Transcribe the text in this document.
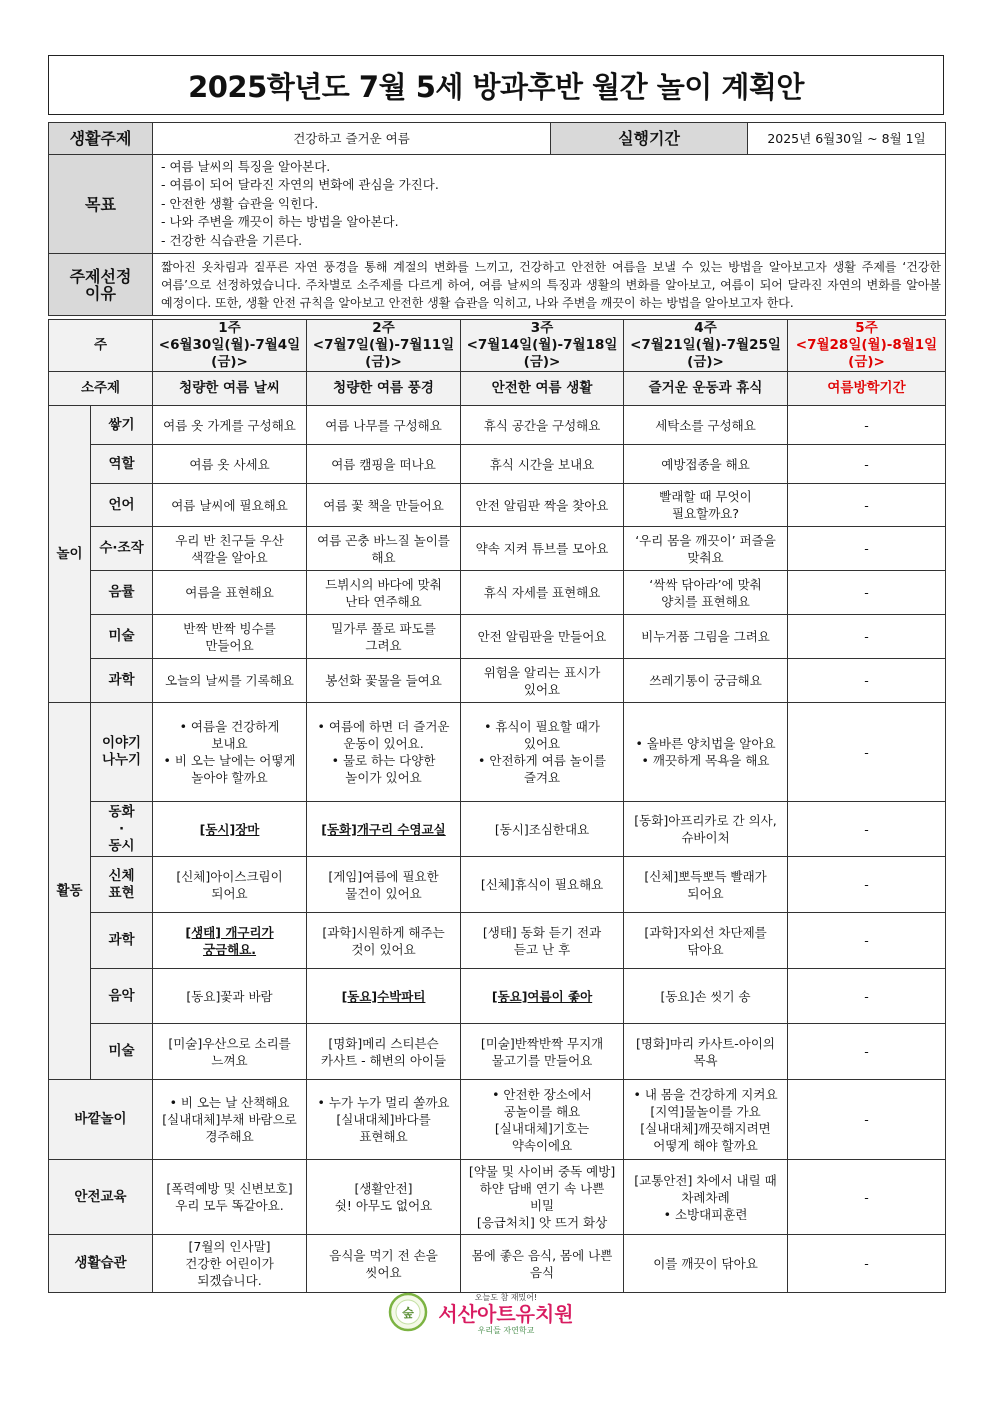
2025학년도 7월 5세 방과후반 월간 놀이 계획안
생활주제	건강하고 즐거운 여름	실행기간	2025년 6월30일 ~ 8월 1일
목표	- 여름 날씨의 특징을 알아본다.
- 여름이 되어 달라진 자연의 변화에 관심을 가진다.
- 안전한 생활 습관을 익힌다.
- 나와 주변을 깨끗이 하는 방법을 알아본다.
- 건강한 식습관을 기른다.		

주제선정
이유	짧아진 옷차림과 짙푸른 자연 풍경을 통해 계절의 변화를 느끼고, 건강하고 안전한 여름을 보낼 수 있는 방법을 알아보고자 생활 주제를 ‘건강한 여름’으로 선정하였습니다. 주차별로 소주제를 다르게 하여, 여름 날씨의 특징과 생활의 변화를 알아보고, 여름이 되어 달라진 자연의 변화를 알아볼 예정이다. 또한, 생활 안전 규칙을 알아보고 안전한 생활 습관을 익히고, 나와 주변을 깨끗이 하는 방법을 알아보고자 한다.		
주		1주
<6월30일(월)-7월4일(금)>	2주
<7월7일(월)-7월11일(금)>	3주
<7월14일(월)-7월18일(금)>	4주
<7월21일(월)-7월25일(금)>	5주
<7월28일(월)-8월1일(금)>

소주제		청량한 여름 날씨	청량한 여름 풍경	안전한 여름 생활	즐거운 운동과 휴식	여름방학기간
놀이	쌓기	여름 옷 가게를 구성해요	여름 나무를 구성해요	휴식 공간을 구성해요	세탁소를 구성해요	-

	역할	여름 옷 사세요	여름 캠핑을 떠나요	휴식 시간을 보내요	예방접종을 해요	-

	언어	여름 날씨에 필요해요	여름 꽃 책을 만들어요	안전 알림판 짝을 찾아요	빨래할 때 무엇이
필요할까요?	-

	수·조작	우리 반 친구들 우산
색깔을 알아요	여름 곤충 바느질 놀이를
해요	약속 지켜 튜브를 모아요	‘우리 몸을 깨끗이’ 퍼즐을
맞춰요	-

	음률	여름을 표현해요	드뷔시의 바다에 맞춰
난타 연주해요	휴식 자세를 표현해요	‘싹싹 닦아라’에 맞춰
양치를 표현해요	-

	미술	반짝 반짝 빙수를
만들어요	밀가루 풀로 파도를
그려요	안전 알림판을 만들어요	비누거품 그림을 그려요	-

	과학	오늘의 날씨를 기록해요	봉선화 꽃물을 들여요	위험을 알리는 표시가
있어요	쓰레기통이 궁금해요	-

활동	이야기
나누기	• 여름을 건강하게
보내요
• 비 오는 날에는 어떻게
놀아야 할까요	• 여름에 하면 더 즐거운
운동이 있어요.
• 물로 하는 다양한
놀이가 있어요	• 휴식이 필요할 때가
있어요
• 안전하게 여름 놀이를
즐겨요	• 올바른 양치법을 알아요
• 깨끗하게 목욕을 해요	-

	동화
·
동시	[동시]장마	[동화]개구리 수영교실	[동시]조심한대요	[동화]아프리카로 간 의사,
슈바이처	-

	신체
표현	[신체]아이스크림이
되어요	[게임]여름에 필요한
물건이 있어요	[신체]휴식이 필요해요	[신체]뽀득뽀득 빨래가
되어요	-

	과학	[생태] 개구리가
궁금해요.	[과학]시원하게 해주는
것이 있어요	[생태] 동화 듣기 전과
듣고 난 후	[과학]자외선 차단제를
닦아요	-

	음악	[동요]꽃과 바람	[동요]수박파티	[동요]여름이 좋아	[동요]손 씻기 송	-

	미술	[미술]우산으로 소리를
느껴요	[명화]메리 스티븐슨
카사트 - 해변의 아이들	[미술]반짝반짝 무지개
물고기를 만들어요	[명화]마리 카사트-아이의
목욕	-

바깥놀이		• 비 오는 날 산책해요
[실내대체]부채 바람으로
경주해요	• 누가 누가 멀리 쏠까요
[실내대체]바다를
표현해요	• 안전한 장소에서
공놀이를 해요
[실내대체]기호는
약속이에요	• 내 몸을 건강하게 지켜요
[지역]물놀이를 가요
[실내대체]깨끗해지려면
어떻게 해야 할까요	-

안전교육		[폭력예방 및 신변보호]
우리 모두 똑같아요.	[생활안전]
쉿! 아무도 없어요	[약물 및 사이버 중독 예방]
하얀 담배 연기 속 나쁜
비밀
[응급처치] 앗 뜨거 화상	[교통안전] 차에서 내릴 때
차례차례
• 소방대피훈련	-

생활습관		[7월의 인사말]
건강한 어린이가
되겠습니다.	음식을 먹기 전 손을
씻어요	몸에 좋은 음식, 몸에 나쁜
음식	이를 깨끗이 닦아요	-
숲
오늘도 참 재밌어!
서산아트유치원
우리들 자연학교
